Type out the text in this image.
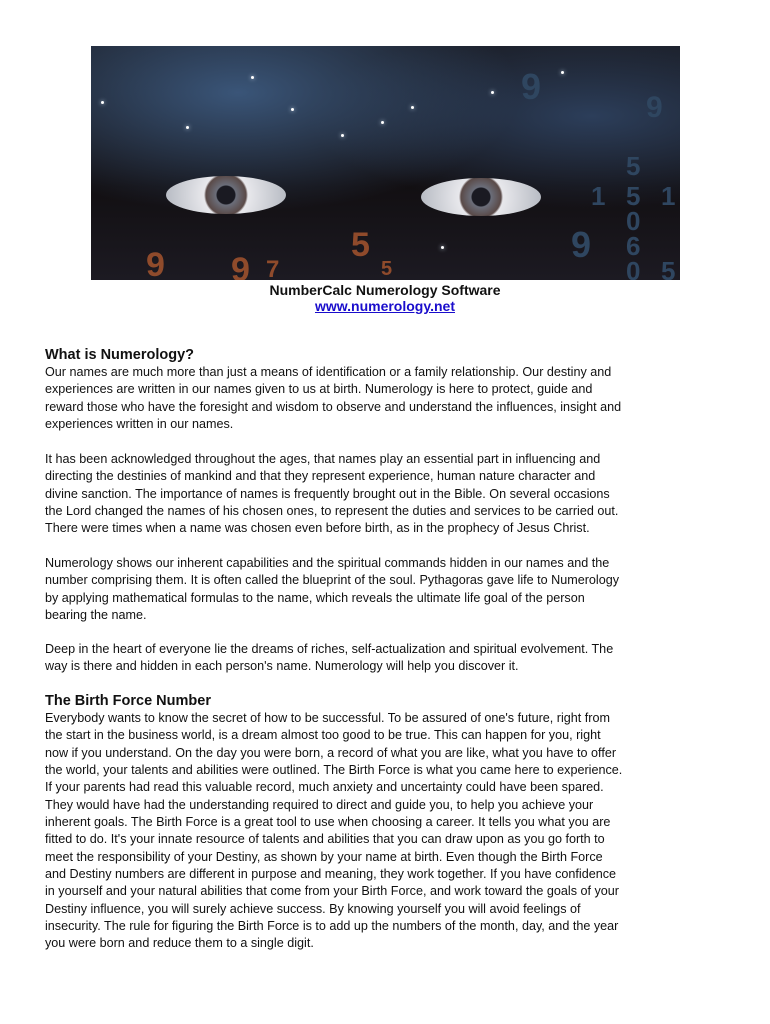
9 9 7
5
5
9
9
5
1 5 1
0
9 6
0 5
NumberCalc Numerology Software
www.numerology.net
What is Numerology?
Our names are much more than just a means of identification or a family relationship. Our destiny and
experiences are written in our names given to us at birth. Numerology is here to protect, guide and
reward those who have the foresight and wisdom to observe and understand the influences, insight and
experiences written in our names.
It has been acknowledged throughout the ages, that names play an essential part in influencing and
directing the destinies of mankind and that they represent experience, human nature character and
divine sanction. The importance of names is frequently brought out in the Bible. On several occasions
the Lord changed the names of his chosen ones, to represent the duties and services to be carried out.
There were times when a name was chosen even before birth, as in the prophecy of Jesus Christ.
Numerology shows our inherent capabilities and the spiritual commands hidden in our names and the
number comprising them. It is often called the blueprint of the soul. Pythagoras gave life to Numerology
by applying mathematical formulas to the name, which reveals the ultimate life goal of the person
bearing the name.
Deep in the heart of everyone lie the dreams of riches, self-actualization and spiritual evolvement. The
way is there and hidden in each person's name. Numerology will help you discover it.
The Birth Force Number
Everybody wants to know the secret of how to be successful. To be assured of one's future, right from
the start in the business world, is a dream almost too good to be true. This can happen for you, right
now if you understand. On the day you were born, a record of what you are like, what you have to offer
the world, your talents and abilities were outlined. The Birth Force is what you came here to experience.
If your parents had read this valuable record, much anxiety and uncertainty could have been spared.
They would have had the understanding required to direct and guide you, to help you achieve your
inherent goals. The Birth Force is a great tool to use when choosing a career. It tells you what you are
fitted to do. It's your innate resource of talents and abilities that you can draw upon as you go forth to
meet the responsibility of your Destiny, as shown by your name at birth. Even though the Birth Force
and Destiny numbers are different in purpose and meaning, they work together. If you have confidence
in yourself and your natural abilities that come from your Birth Force, and work toward the goals of your
Destiny influence, you will surely achieve success. By knowing yourself you will avoid feelings of
insecurity. The rule for figuring the Birth Force is to add up the numbers of the month, day, and the year
you were born and reduce them to a single digit.
